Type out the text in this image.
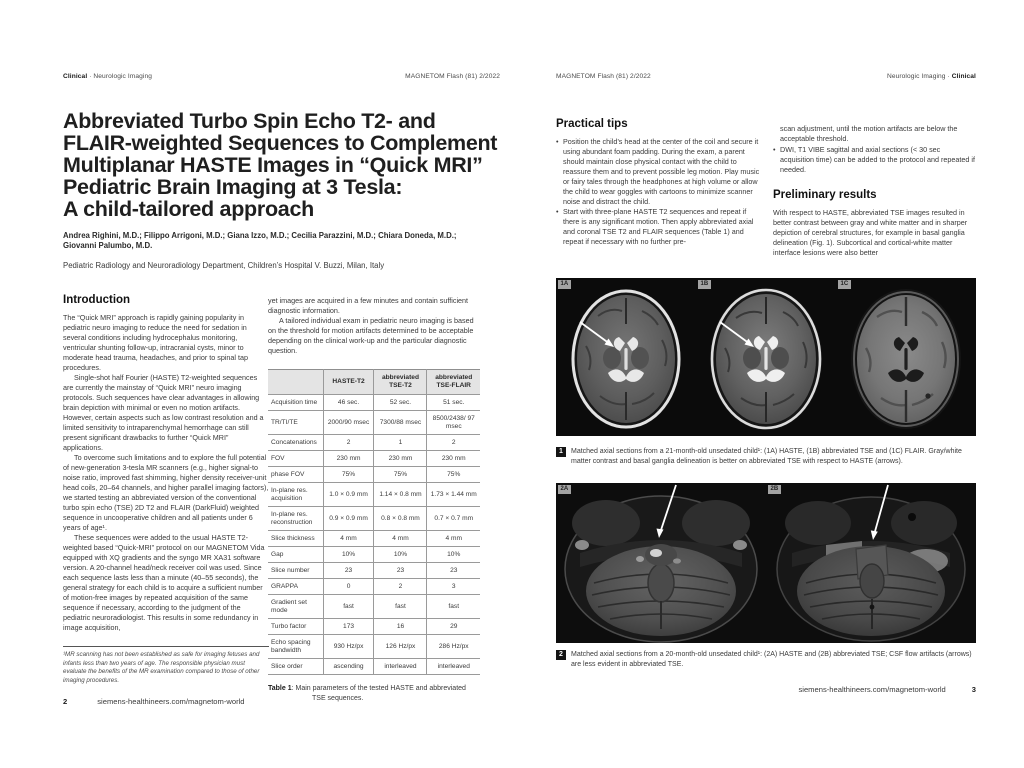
Clinical · Neurologic Imaging	MAGNETOM Flash (81) 2/2022
Abbreviated Turbo Spin Echo T2- and
FLAIR-weighted Sequences to Complement
Multiplanar HASTE Images in “Quick MRI”
Pediatric Brain Imaging at 3 Tesla:
A child-tailored approach
Andrea Righini, M.D.; Filippo Arrigoni, M.D.; Giana Izzo, M.D.; Cecilia Parazzini, M.D.; Chiara Doneda, M.D.;
Giovanni Palumbo, M.D.
Pediatric Radiology and Neuroradiology Department, Children’s Hospital V. Buzzi, Milan, Italy
Introduction

The “Quick MRI” approach is rapidly gaining popularity in pediatric neuro imaging to reduce the need for sedation in several conditions including hydrocephalus monitoring, ventricular shunting follow-up, intracranial cysts, minor to moderate head trauma, headaches, and prior to spinal tap procedures.

Single-shot half Fourier (HASTE) T2-weighted sequences are currently the mainstay of “Quick MRI” neuro imaging protocols. Such sequences have clear advantages in allowing brain depiction with minimal or even no motion artifacts. However, certain aspects such as low contrast resolution and a limited sensitivity to intraparenchymal hemorrhage can still present significant drawbacks to further “Quick MRI” applications.

To overcome such limitations and to explore the full potential of new-generation 3-tesla MR scanners (e.g., higher signal-to noise ratio, improved fast shimming, higher density receiver-unit head coils, 20–64 channels, and higher parallel imaging factors), we started testing an abbreviated version of the conventional turbo spin echo (TSE) 2D T2 and FLAIR (DarkFluid) weighted sequence in uncooperative children and all patients under 6 years of age¹.

These sequences were added to the usual HASTE T2-weighted based “Quick-MRI” protocol on our MAGNETOM Vida equipped with XQ gradients and the syngo MR XA31 software version. A 20-channel head/neck receiver coil was used. Since each sequence lasts less than a minute (40–55 seconds), the general strategy for each child is to acquire a sufficient number of motion-free images by repeated acquisition of the same sequence if necessary, according to the judgment of the pediatric neuroradiologist. This results in some redundancy in image acquisition,

¹MR scanning has not been established as safe for imaging fetuses and infants less than two years of age. The responsible physician must evaluate the benefits of the MR examination compared to those of other imaging procedures.
2	siemens-healthineers.com/magnetom-world

yet images are acquired in a few minutes and contain sufficient diagnostic information.

A tailored individual exam in pediatric neuro imaging is based on the threshold for motion artifacts determined to be acceptable depending on the clinical work-up and the particular diagnostic question.

	HASTE-T2	abbreviated TSE-T2	abbreviated TSE-FLAIR
Acquisition time	46 sec.	52 sec.	51 sec.
TR/TI/TE	2000/90 msec	7300/88 msec	8500/2438/ 97 msec
Concatenations	2	1	2
FOV	230 mm	230 mm	230 mm
phase FOV	75%	75%	75%
In-plane res. acquisition	1.0 × 0.9 mm	1.14 × 0.8 mm	1.73 × 1.44 mm
In-plane res. reconstruction	0.9 × 0.9 mm	0.8 × 0.8 mm	0.7 × 0.7 mm
Slice thickness	4 mm	4 mm	4 mm
Gap	10%	10%	10%
Slice number	23	23	23
GRAPPA	0	2	3
Gradient set mode	fast	fast	fast
Turbo factor	173	16	29
Echo spacing bandwidth	930 Hz/px	126 Hz/px	286 Hz/px
Slice order	ascending	interleaved	interleaved
Table 1: Main parameters of the tested HASTE and abbreviated TSE sequences.
MAGNETOM Flash (81) 2/2022	Neurologic Imaging · Clinical
Practical tips

• Position the child’s head at the center of the coil and secure it using abundant foam padding. During the exam, a parent should maintain close physical contact with the child to reassure them and to prevent possible leg motion. Play music or fairy tales through the headphones at high volume or allow the child to wear goggles with cartoons to minimize scanner noise and distract the child.

• Start with three-plane HASTE T2 sequences and repeat if there is any significant motion. Then apply abbreviated axial and coronal TSE T2 and FLAIR sequences (Table 1) and repeat if necessary with no further pre-

scan adjustment, until the motion artifacts are below the acceptable threshold.

• DWI, T1 VIBE sagittal and axial sections (< 30 sec acquisition time) can be added to the protocol and repeated if needed.

Preliminary results

With respect to HASTE, abbreviated TSE images resulted in better contrast between gray and white matter and in sharper depiction of cerebral structures, for example in basal ganglia delineation (Fig. 1). Subcortical and cortical-white matter interface lesions were also better

1A	1B	1C
1	Matched axial sections from a 21-month-old unsedated child¹: (1A) HASTE, (1B) abbreviated TSE and (1C) FLAIR. Gray/white matter contrast and basal ganglia delineation is better on abbreviated TSE with respect to HASTE (arrows).
2A	2B
2	Matched axial sections from a 20-month-old unsedated child¹: (2A) HASTE and (2B) abbreviated TSE; CSF flow artifacts (arrows) are less evident in abbreviated TSE.
siemens-healthineers.com/magnetom-world	3
